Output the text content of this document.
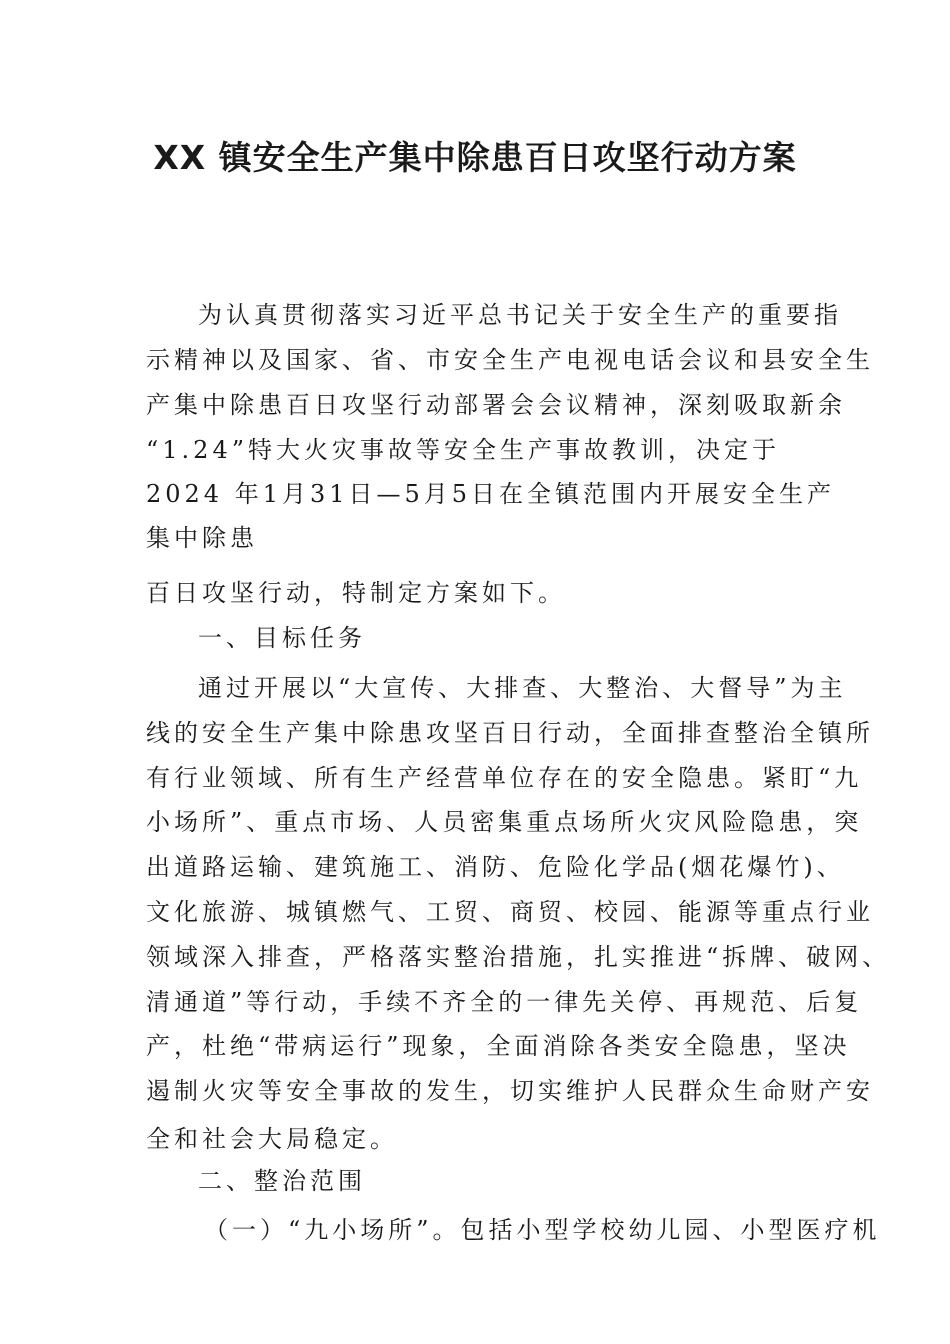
XX 镇安全生产集中除患百日攻坚行动方案
为认真贯彻落实习近平总书记关于安全生产的重要指
示精神以及国家、省、市安全生产电视电话会议和县安全生
产集中除患百日攻坚行动部署会会议精神，深刻吸取新余
“1.24”特大火灾事故等安全生产事故教训，决定于
2024 年1月31日—5月5日在全镇范围内开展安全生产
集中除患
百日攻坚行动，特制定方案如下。
一、目标任务
通过开展以“大宣传、大排查、大整治、大督导”为主
线的安全生产集中除患攻坚百日行动，全面排查整治全镇所
有行业领域、所有生产经营单位存在的安全隐患。紧盯“九
小场所”、重点市场、人员密集重点场所火灾风险隐患，突
出道路运输、建筑施工、消防、危险化学品(烟花爆竹)、
文化旅游、城镇燃气、工贸、商贸、校园、能源等重点行业
领域深入排查，严格落实整治措施，扎实推进“拆牌、破网、
清通道”等行动，手续不齐全的一律先关停、再规范、后复
产，杜绝“带病运行”现象，全面消除各类安全隐患，坚决
遏制火灾等安全事故的发生，切实维护人民群众生命财产安
全和社会大局稳定。
二、整治范围
（一）“九小场所”。包括小型学校幼儿园、小型医疗机
